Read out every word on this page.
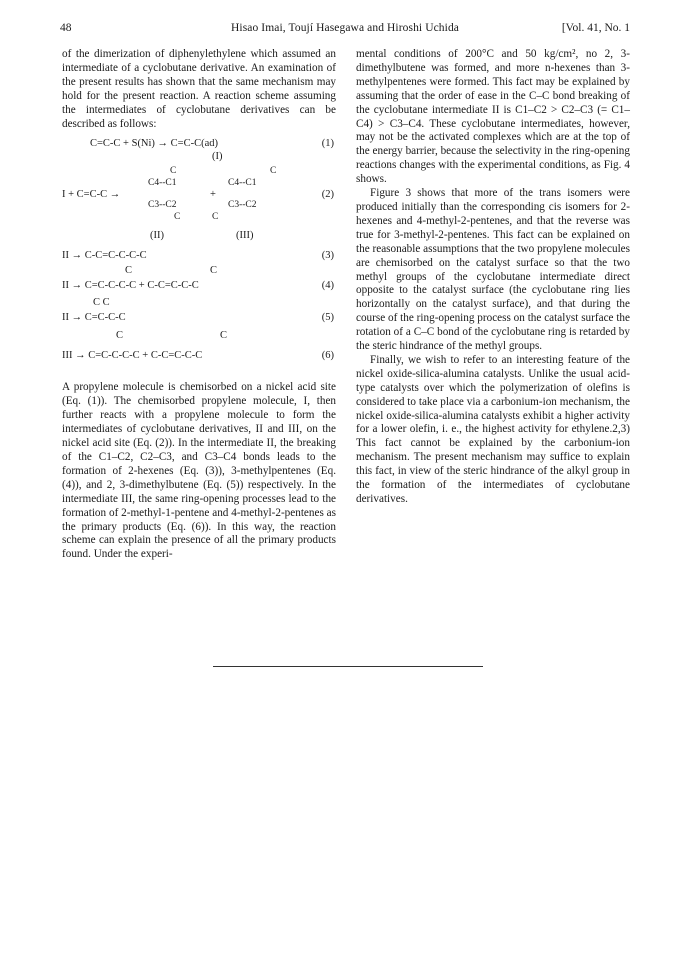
48	Hisao Imai, Toují Hasegawa and Hiroshi Uchida	[Vol. 41, No. 1

of the dimerization of diphenylethylene which assumed an intermediate of a cyclobutane derivative. An examination of the present results has shown that the same mechanism may hold for the present reaction. A reaction scheme assuming the intermediates of cyclobutane derivatives can be described as follows:

C=C-C + S(Ni) → C=C-C(ad)
(I)
(1)
I + C=C-C →
C
C4--C1
C3--C2
C
+
C
C4--C1
C3--C2
C
(2)
(II)	(III)
II → C-C=C-C-C-C	(3)
C	C
II → C=C-C-C-C + C-C=C-C-C	(4)
C C
II → C=C-C-C	(5)
C	C
III → C=C-C-C-C + C-C=C-C-C	(6)

A propylene molecule is chemisorbed on a nickel acid site (Eq. (1)). The chemisorbed propylene molecule, I, then further reacts with a propylene molecule to form the intermediates of cyclobutane derivatives, II and III, on the nickel acid site (Eq. (2)). In the intermediate II, the breaking of the C1–C2, C2–C3, and C3–C4 bonds leads to the formation of 2-hexenes (Eq. (3)), 3-methylpentenes (Eq. (4)), and 2, 3-dimethylbutene (Eq. (5)) respectively. In the intermediate III, the same ring-opening processes lead to the formation of 2-methyl-1-pentene and 4-methyl-2-pentenes as the primary products (Eq. (6)). In this way, the reaction scheme can explain the presence of all the primary products found. Under the experi-

mental conditions of 200°C and 50 kg/cm², no 2, 3-dimethylbutene was formed, and more n-hexenes than 3-methylpentenes were formed. This fact may be explained by assuming that the order of ease in the C–C bond breaking of the cyclobutane intermediate II is C1–C2 > C2–C3 (= C1–C4) > C3–C4. These cyclobutane intermediates, however, may not be the activated complexes which are at the top of the energy barrier, because the selectivity in the ring-opening reactions changes with the experimental conditions, as Fig. 4 shows.

Figure 3 shows that more of the trans isomers were produced initially than the corresponding cis isomers for 2-hexenes and 4-methyl-2-pentenes, and that the reverse was true for 3-methyl-2-pentenes. This fact can be explained on the reasonable assumptions that the two propylene molecules are chemisorbed on the catalyst surface so that the two methyl groups of the cyclobutane intermediate direct opposite to the catalyst surface (the cyclobutane ring lies horizontally on the catalyst surface), and that during the course of the ring-opening process on the catalyst surface the rotation of a C–C bond of the cyclobutane ring is retarded by the steric hindrance of the methyl groups.

Finally, we wish to refer to an interesting feature of the nickel oxide-silica-alumina catalysts. Unlike the usual acid-type catalysts over which the polymerization of olefins is considered to take place via a carbonium-ion mechanism, the nickel oxide-silica-alumina catalysts exhibit a higher activity for a lower olefin, i. e., the highest activity for ethylene.2,3) This fact cannot be explained by the carbonium-ion mechanism. The present mechanism may suffice to explain this fact, in view of the steric hindrance of the alkyl group in the formation of the intermediates of cyclobutane derivatives.
